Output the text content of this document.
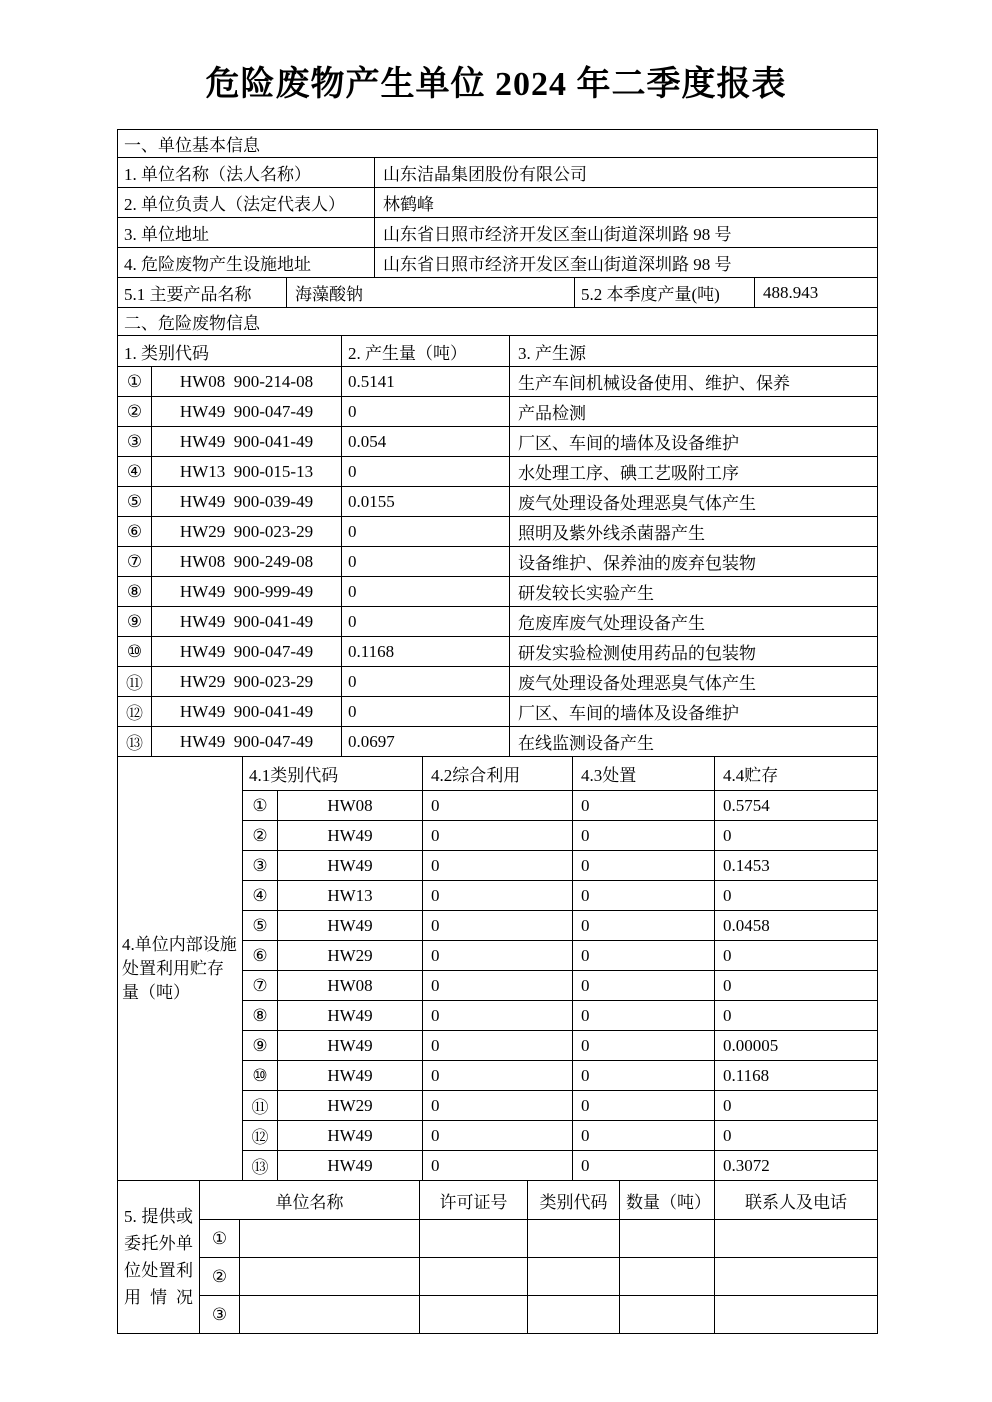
危险废物产生单位 2024 年二季度报表
一、单位基本信息
1. 单位名称（法人名称）	山东洁晶集团股份有限公司
2. 单位负责人（法定代表人）	林鹤峰
3. 单位地址	山东省日照市经济开发区奎山街道深圳路 98 号
4. 危险废物产生设施地址	山东省日照市经济开发区奎山街道深圳路 98 号
5.1 主要产品名称	海藻酸钠	5.2 本季度产量(吨)	488.943
二、危险废物信息			
1. 类别代码		2. 产生量（吨）	3. 产生源
①	HW08  900-214-08	0.5141	生产车间机械设备使用、维护、保养
②	HW49  900-047-49	0	产品检测
③	HW49  900-041-49	0.054	厂区、车间的墙体及设备维护
④	HW13  900-015-13	0	水处理工序、碘工艺吸附工序
⑤	HW49  900-039-49	0.0155	废气处理设备处理恶臭气体产生
⑥	HW29  900-023-29	0	照明及紫外线杀菌器产生
⑦	HW08  900-249-08	0	设备维护、保养油的废弃包装物
⑧	HW49  900-999-49	0	研发较长实验产生
⑨	HW49  900-041-49	0	危废库废气处理设备产生
⑩	HW49  900-047-49	0.1168	研发实验检测使用药品的包装物
⑪	HW29  900-023-29	0	废气处理设备处理恶臭气体产生
⑫	HW49  900-041-49	0	厂区、车间的墙体及设备维护
⑬	HW49  900-047-49	0.0697	在线监测设备产生
4.单位内部设施处置利用贮存量（吨）	4.1类别代码		4.2综合利用	4.3处置	4.4贮存
	①	HW08	0	0	0.5754
	②	HW49	0	0	0
	③	HW49	0	0	0.1453
	④	HW13	0	0	0
	⑤	HW49	0	0	0.0458
	⑥	HW29	0	0	0
	⑦	HW08	0	0	0
	⑧	HW49	0	0	0
	⑨	HW49	0	0	0.00005
	⑩	HW49	0	0	0.1168
	⑪	HW29	0	0	0
	⑫	HW49	0	0	0
	⑬	HW49	0	0	0.3072
5. 提供或委托外单位处置利用情况	单位名称		许可证号	类别代码	数量（吨）	联系人及电话
	①					
	②					
	③					
